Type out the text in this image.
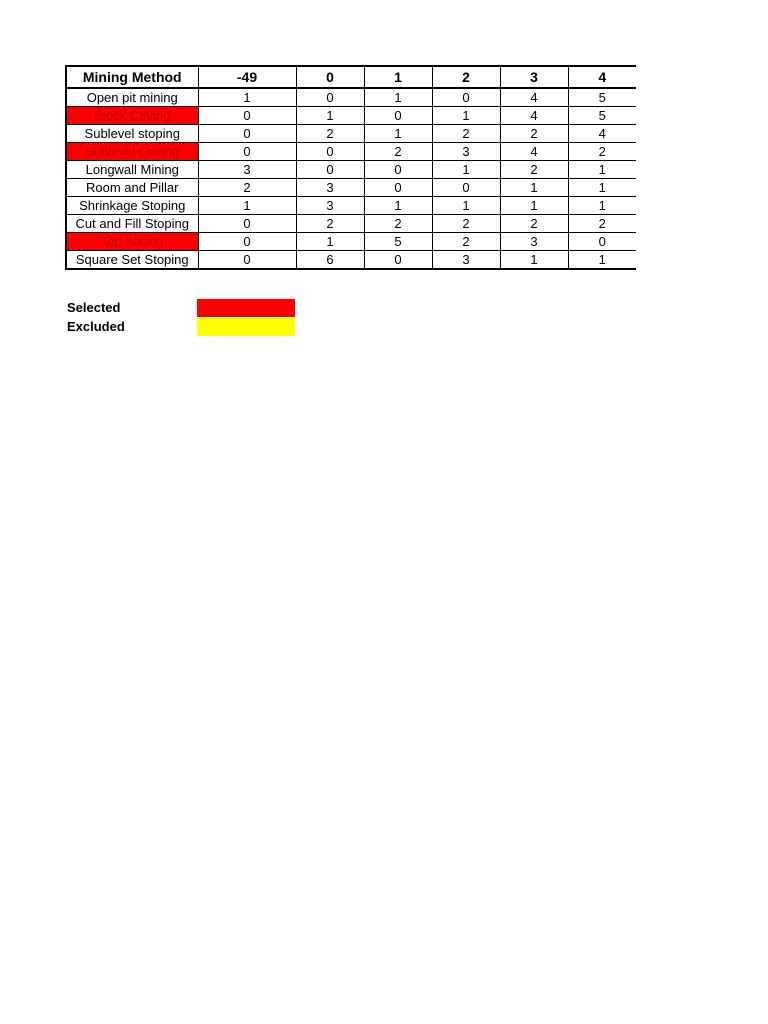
Mining Method	-49	0	1	2	3	4
Open pit mining	1	0	1	0	4	5
Block Caving	0	1	0	1	4	5
Sublevel stoping	0	2	1	2	2	4
Sublevel Caving	0	0	2	3	4	2
Longwall Mining	3	0	0	1	2	1
Room and Pillar	2	3	0	0	1	1
Shrinkage Stoping	1	3	1	1	1	1
Cut and Fill Stoping	0	2	2	2	2	2
Top Slicing	0	1	5	2	3	0
Square Set Stoping	0	6	0	3	1	1
Selected
Excluded
